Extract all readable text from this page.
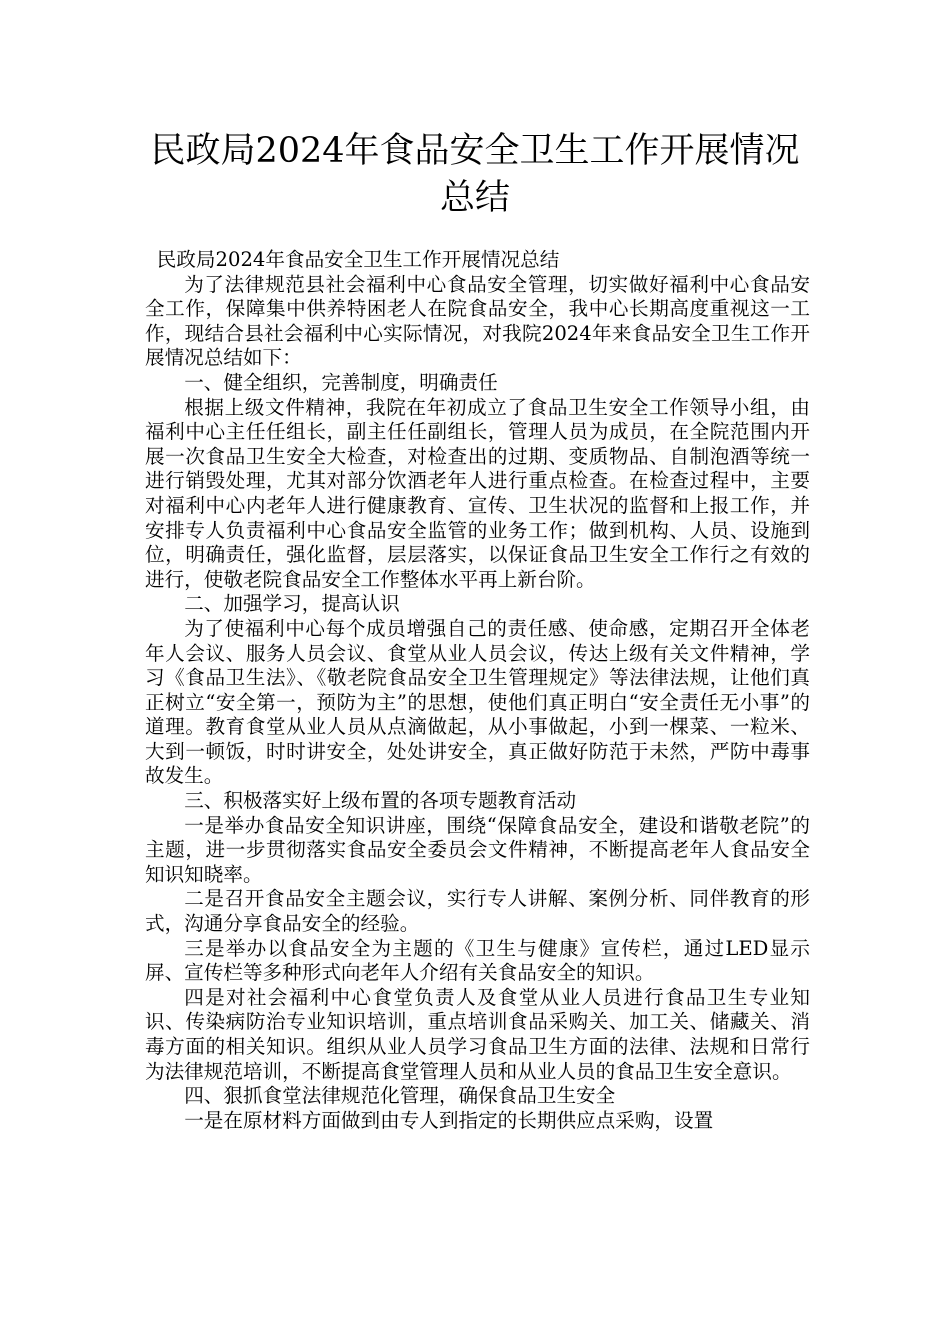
民政局2024年食品安全卫生工作开展情况
总结

民政局2024年食品安全卫生工作开展情况总结

为了法律规范县社会福利中心食品安全管理，切实做好福利中心食品安全工作，保障集中供养特困老人在院食品安全，我中心长期高度重视这一工作，现结合县社会福利中心实际情况，对我院2024年来食品安全卫生工作开展情况总结如下：

一、健全组织，完善制度，明确责任

根据上级文件精神，我院在年初成立了食品卫生安全工作领导小组，由福利中心主任任组长，副主任任副组长，管理人员为成员，在全院范围内开展一次食品卫生安全大检查，对检查出的过期、变质物品、自制泡酒等统一进行销毁处理，尤其对部分饮酒老年人进行重点检查。在检查过程中，主要对福利中心内老年人进行健康教育、宣传、卫生状况的监督和上报工作，并安排专人负责福利中心食品安全监管的业务工作；做到机构、人员、设施到位，明确责任，强化监督，层层落实，以保证食品卫生安全工作行之有效的进行，使敬老院食品安全工作整体水平再上新台阶。

二、加强学习，提高认识

为了使福利中心每个成员增强自己的责任感、使命感，定期召开全体老年人会议、服务人员会议、食堂从业人员会议，传达上级有关文件精神，学习《食品卫生法》、《敬老院食品安全卫生管理规定》等法律法规，让他们真正树立“安全第一，预防为主”的思想，使他们真正明白“安全责任无小事”的道理。教育食堂从业人员从点滴做起，从小事做起，小到一棵菜、一粒米、大到一顿饭，时时讲安全，处处讲安全，真正做好防范于未然，严防中毒事故发生。

三、积极落实好上级布置的各项专题教育活动

一是举办食品安全知识讲座，围绕“保障食品安全，建设和谐敬老院”的主题，进一步贯彻落实食品安全委员会文件精神，不断提高老年人食品安全知识知晓率。

二是召开食品安全主题会议，实行专人讲解、案例分析、同伴教育的形式，沟通分享食品安全的经验。

三是举办以食品安全为主题的《卫生与健康》宣传栏，通过LED显示屏、宣传栏等多种形式向老年人介绍有关食品安全的知识。

四是对社会福利中心食堂负责人及食堂从业人员进行食品卫生专业知识、传染病防治专业知识培训，重点培训食品采购关、加工关、储藏关、消毒方面的相关知识。组织从业人员学习食品卫生方面的法律、法规和日常行为法律规范培训，不断提高食堂管理人员和从业人员的食品卫生安全意识。

四、狠抓食堂法律规范化管理，确保食品卫生安全

一是在原材料方面做到由专人到指定的长期供应点采购，设置
